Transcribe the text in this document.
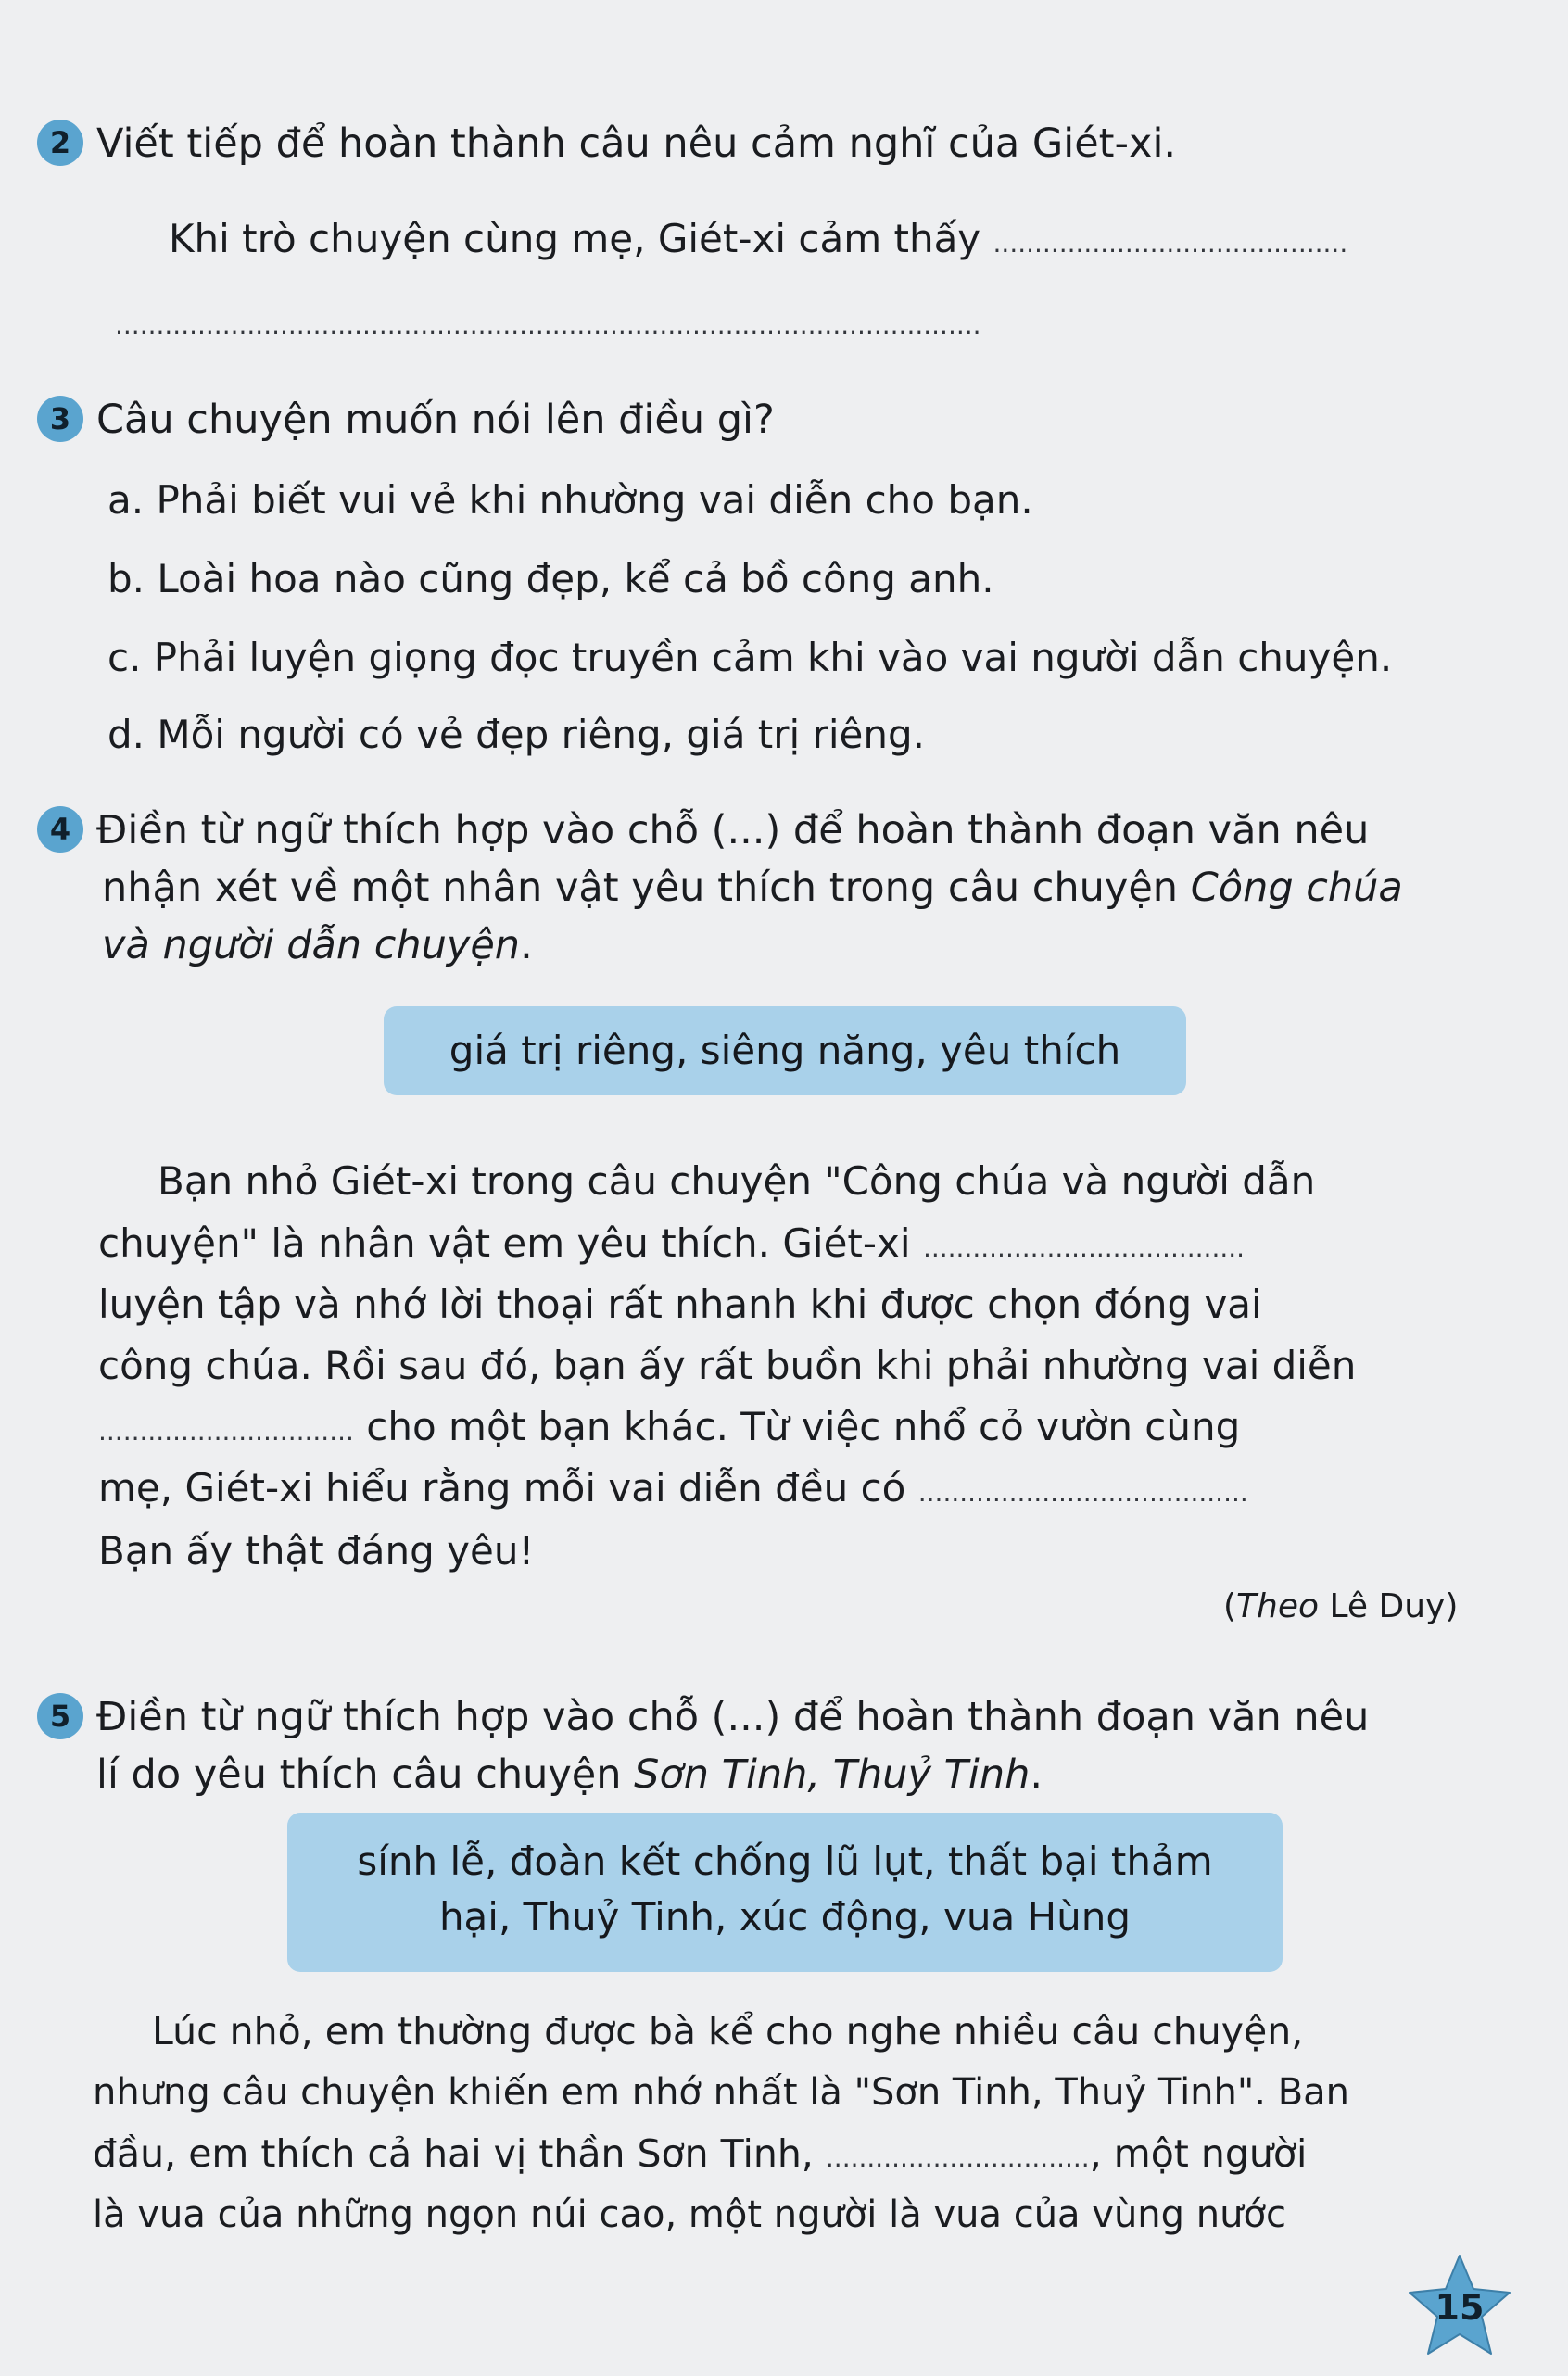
2 Viết tiếp để hoàn thành câu nêu cảm nghĩ của Giét-xi.
Khi trò chuyện cùng mẹ, Giét-xi cảm thấy ...........................................
.........................................................................................................
3 Câu chuyện muốn nói lên điều gì?
a. Phải biết vui vẻ khi nhường vai diễn cho bạn.
b. Loài hoa nào cũng đẹp, kể cả bồ công anh.
c. Phải luyện giọng đọc truyền cảm khi vào vai người dẫn chuyện.
d. Mỗi người có vẻ đẹp riêng, giá trị riêng.
4 Điền từ ngữ thích hợp vào chỗ (...) để hoàn thành đoạn văn nêu
nhận xét về một nhân vật yêu thích trong câu chuyện Công chúa
và người dẫn chuyện.
giá trị riêng, siêng năng, yêu thích
Bạn nhỏ Giét-xi trong câu chuyện "Công chúa và người dẫn
chuyện" là nhân vật em yêu thích. Giét-xi .......................................
luyện tập và nhớ lời thoại rất nhanh khi được chọn đóng vai
công chúa. Rồi sau đó, bạn ấy rất buồn khi phải nhường vai diễn
............................... cho một bạn khác. Từ việc nhổ cỏ vườn cùng
mẹ, Giét-xi hiểu rằng mỗi vai diễn đều có ........................................
Bạn ấy thật đáng yêu!
(Theo Lê Duy)
5 Điền từ ngữ thích hợp vào chỗ (...) để hoàn thành đoạn văn nêu
lí do yêu thích câu chuyện Sơn Tinh, Thuỷ Tinh.
sính lễ, đoàn kết chống lũ lụt, thất bại thảm
hại, Thuỷ Tinh, xúc động, vua Hùng
Lúc nhỏ, em thường được bà kể cho nghe nhiều câu chuyện,
nhưng câu chuyện khiến em nhớ nhất là "Sơn Tinh, Thuỷ Tinh". Ban
đầu, em thích cả hai vị thần Sơn Tinh, ................................, một người
là vua của những ngọn núi cao, một người là vua của vùng nước
15
